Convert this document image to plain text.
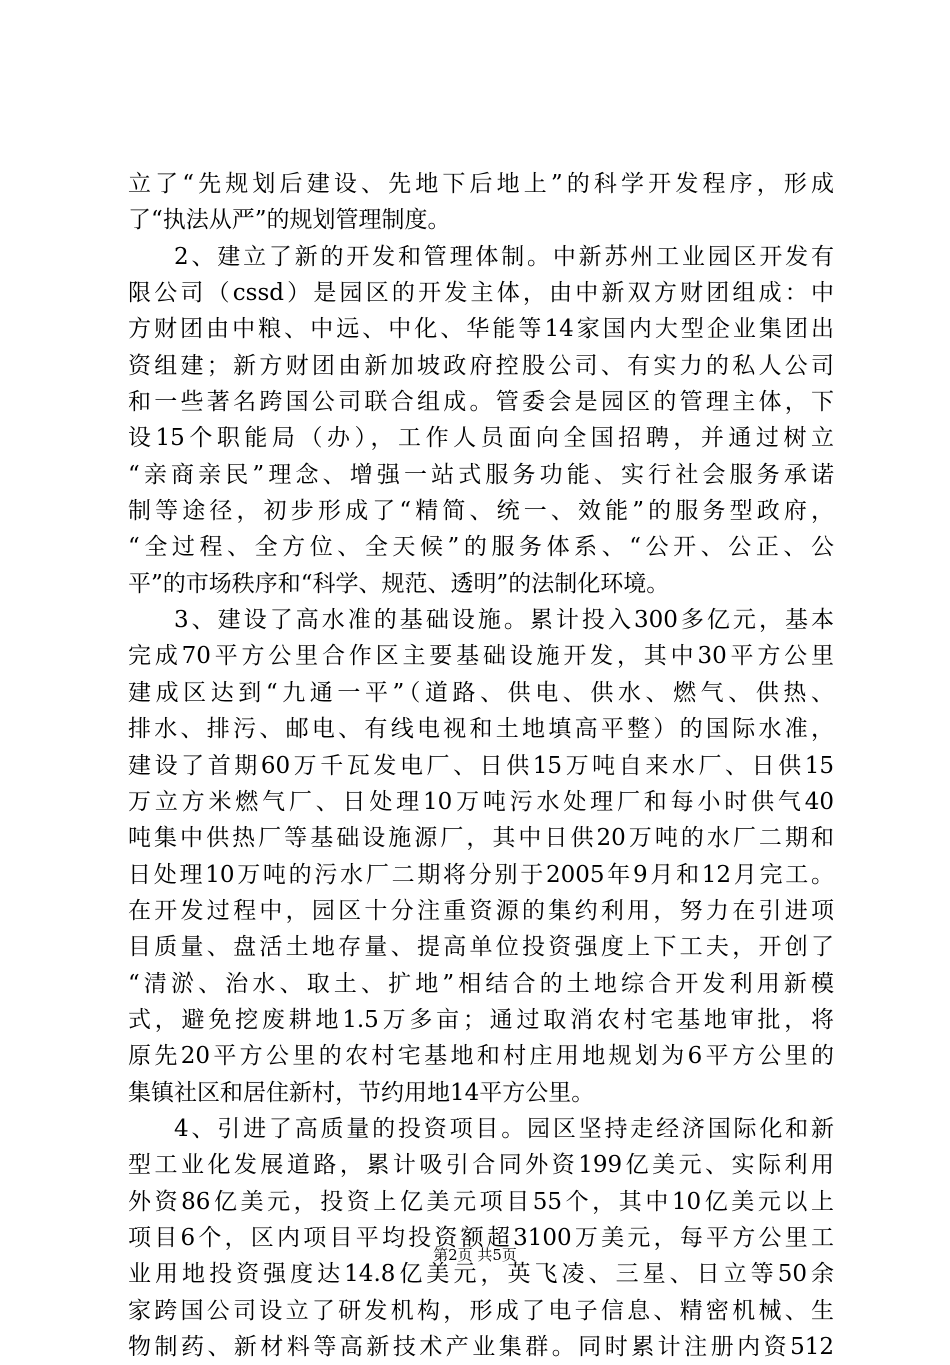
立了“先规划后建设、先地下后地上”的科学开发程序，形成
了“执法从严”的规划管理制度。
2、建立了新的开发和管理体制。中新苏州工业园区开发有
限公司（cssd）是园区的开发主体，由中新双方财团组成：中
方财团由中粮、中远、中化、华能等14家国内大型企业集团出
资组建；新方财团由新加坡政府控股公司、有实力的私人公司
和一些著名跨国公司联合组成。管委会是园区的管理主体，下
设15个职能局（办），工作人员面向全国招聘，并通过树立
“亲商亲民”理念、增强一站式服务功能、实行社会服务承诺
制等途径，初步形成了“精简、统一、效能”的服务型政府，
“全过程、全方位、全天候”的服务体系、“公开、公正、公
平”的市场秩序和“科学、规范、透明”的法制化环境。
3、建设了高水准的基础设施。累计投入300多亿元，基本
完成70平方公里合作区主要基础设施开发，其中30平方公里
建成区达到“九通一平”（道路、供电、供水、燃气、供热、
排水、排污、邮电、有线电视和土地填高平整）的国际水准，
建设了首期60万千瓦发电厂、日供15万吨自来水厂、日供15
万立方米燃气厂、日处理10万吨污水处理厂和每小时供气40
吨集中供热厂等基础设施源厂，其中日供20万吨的水厂二期和
日处理10万吨的污水厂二期将分别于2005年9月和12月完工。
在开发过程中，园区十分注重资源的集约利用，努力在引进项
目质量、盘活土地存量、提高单位投资强度上下工夫，开创了
“清淤、治水、取土、扩地”相结合的土地综合开发利用新模
式，避免挖废耕地1.5万多亩；通过取消农村宅基地审批，将
原先20平方公里的农村宅基地和村庄用地规划为6平方公里的
集镇社区和居住新村，节约用地14平方公里。
4、引进了高质量的投资项目。园区坚持走经济国际化和新
型工业化发展道路，累计吸引合同外资199亿美元、实际利用
外资86亿美元，投资上亿美元项目55个，其中10亿美元以上
项目6个，区内项目平均投资额超3100万美元，每平方公里工
业用地投资强度达14.8亿美元，英飞凌、三星、日立等50余
家跨国公司设立了研发机构，形成了电子信息、精密机械、生
物制药、新材料等高新技术产业集群。同时累计注册内资512
第2页 共5页
